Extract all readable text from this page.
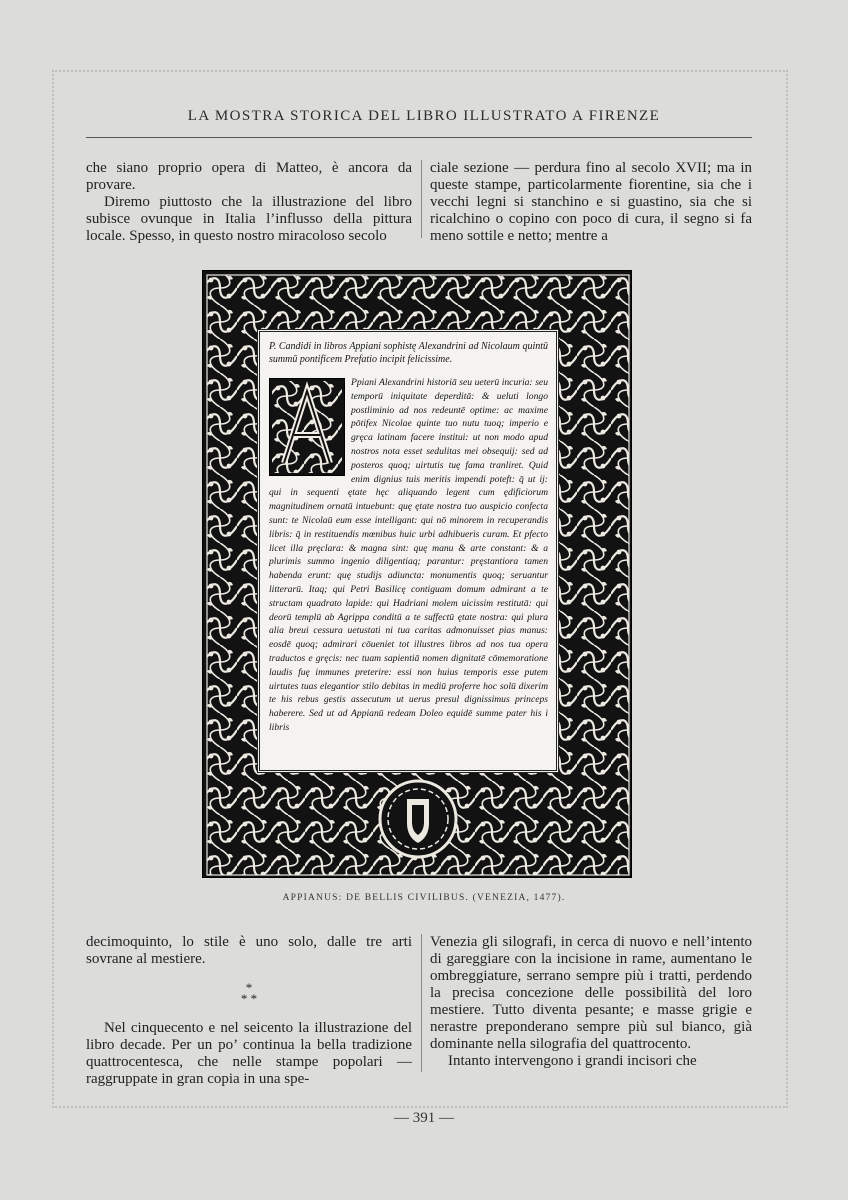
LA MOSTRA STORICA DEL LIBRO ILLUSTRATO A FIRENZE

che siano proprio opera di Matteo, è ancora da provare.

Diremo piuttosto che la illustrazione del libro subisce ovunque in Italia l’influsso della pittura locale. Spesso, in questo nostro miracoloso secolo

ciale sezione — perdura fino al secolo XVII; ma in queste stampe, particolarmente fiorentine, sia che i vecchi legni si stanchino e si guastino, sia che si ricalchino o copino con poco di cura, il segno si fa meno sottile e netto; mentre a

P. Candidi in libros Appiani sophistę Alexandrini ad Nicolaum quintū summū pontificem Prefatio incipit felicissime.

Ppiani Alexandrini historiā seu ueterū incuria: seu temporū iniquitate deperditā: & ueluti longo postliminio ad nos redeuntē optime: ac maxime pōtifex Nicolae quinte tuo nutu tuoq; imperio e gręca latinam facere institui: ut non modo apud nostros nota esset sedulitas mei obsequij: sed ad posteros quoq; uirtutis tuę fama tranliret. Quid enim dignius tuis meritis impendi poteft: q̄ ut ij: qui in sequenti ętate hęc aliquando legent cum ędificiorum magnitudinem ornatū intuebunt: quę ętate nostra tuo auspicio confecta sunt: te Nicolaū eum esse intelligant: qui nō minorem in recuperandis libris: q̄ in restituendis mœnibus huic urbi adhibueris curam. Et pfecto licet illa pręclara: & magna sint: quę manu & arte constant: & a plurimis summo ingenio diligentiaq; parantur: pręstantiora tamen habenda erunt: quę studijs adiuncta: monumentis quoq; seruantur litterarū. Itaq; qui Petri Basilicę contiguam domum admirant a te structam quadrato lapide: qui Hadriani molem uicissim restitutā: qui deorū templū ab Agrippa conditū a te suffectū ętate nostra: qui plura alia breui cessura uetustati ni tua caritas admonuisset pias manus: eosdē quoq; admirari cōueniet tot illustres libros ad nos tua opera traductos e gręcis: nec tuam sapientiā nomen dignitatē cōmemoratione laudis fuę immunes preterire: essi non huius temporis esse putem uirtutes tuas elegantior stilo debitas in mediū proferre hoc solū dixerim te his rebus gestis assecutum ut uerus presul dignissimus princeps haberere. Sed ut ad Appianū redeam Doleo equidē summe pater his i libris

APPIANUS: DE BELLIS CIVILIBUS. (VENEZIA, 1477).

decimoquinto, lo stile è uno solo, dalle tre arti sovrane al mestiere.

*
* *

Nel cinquecento e nel seicento la illustrazione del libro decade. Per un po’ continua la bella tradizione quattrocentesca, che nelle stampe popolari — raggruppate in gran copia in una spe-

Venezia gli silografi, in cerca di nuovo e nell’intento di gareggiare con la incisione in rame, aumentano le ombreggiature, serrano sempre più i tratti, perdendo la precisa concezione delle possibilità del loro mestiere. Tutto diventa pesante; e masse grigie e nerastre preponderano sempre più sul bianco, già dominante nella silografia del quattrocento.

Intanto intervengono i grandi incisori che

— 391 —
